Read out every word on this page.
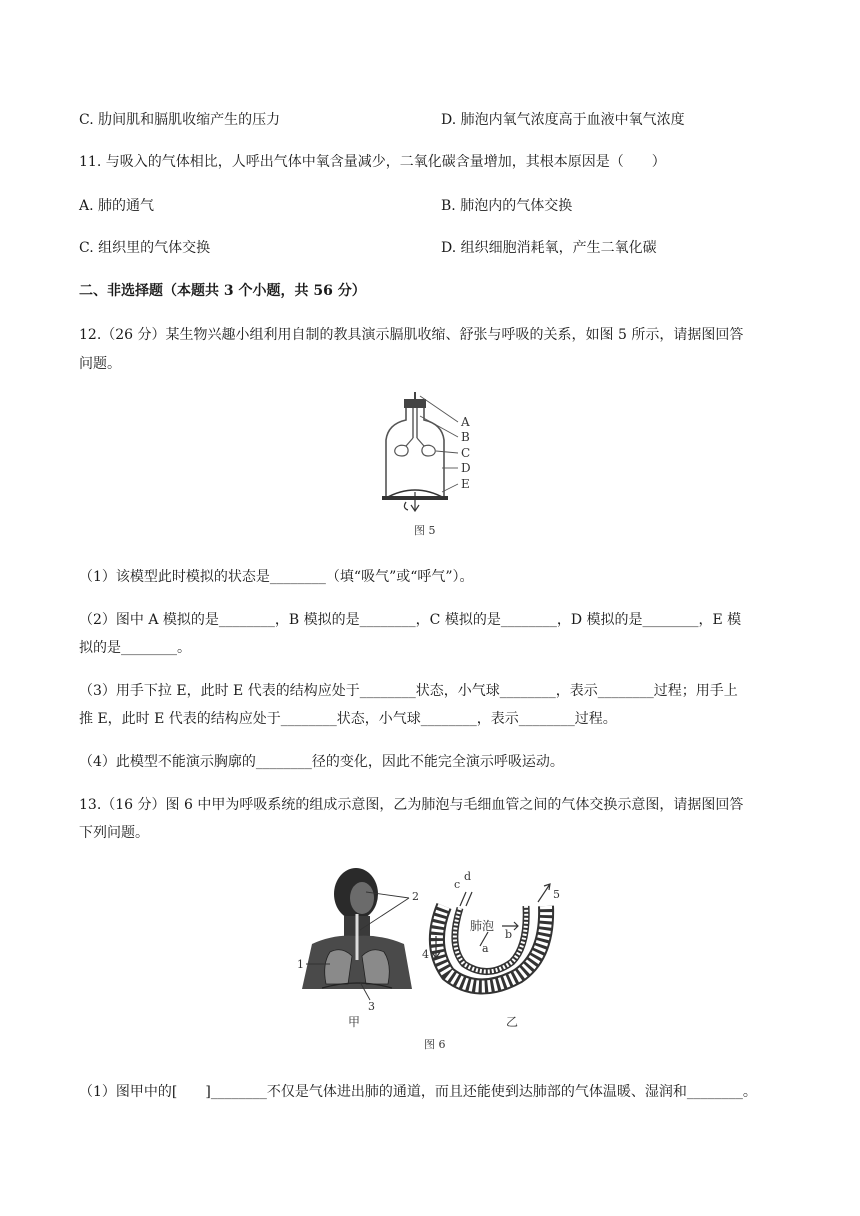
C. 肋间肌和膈肌收缩产生的压力	D. 肺泡内氧气浓度高于血液中氧气浓度
11. 与吸入的气体相比，人呼出气体中氧含量减少，二氧化碳含量增加，其根本原因是（　　）
A. 肺的通气	B. 肺泡内的气体交换
C. 组织里的气体交换	D. 组织细胞消耗氧，产生二氧化碳
二、非选择题（本题共 3 个小题，共 56 分）
12.（26 分）某生物兴趣小组利用自制的教具演示膈肌收缩、舒张与呼吸的关系，如图 5 所示，请据图回答
问题。
A
B
C
D
E
图 5
（1）该模型此时模拟的状态是________（填“吸气”或“呼气”）。
（2）图中 A 模拟的是________，B 模拟的是________，C 模拟的是________，D 模拟的是________，E 模
拟的是________。
（3）用手下拉 E，此时 E 代表的结构应处于________状态，小气球________，表示________过程；用手上
推 E，此时 E 代表的结构应处于________状态，小气球________，表示________过程。
（4）此模型不能演示胸廓的________径的变化，因此不能完全演示呼吸运动。
13.（16 分）图 6 中甲为呼吸系统的组成示意图，乙为肺泡与毛细血管之间的气体交换示意图，请据图回答
下列问题。
2
1
3
甲
c
d
5
肺泡
b
a
4
乙
图 6
（1）图甲中的[　　]________不仅是气体进出肺的通道，而且还能使到达肺部的气体温暖、湿润和________。
